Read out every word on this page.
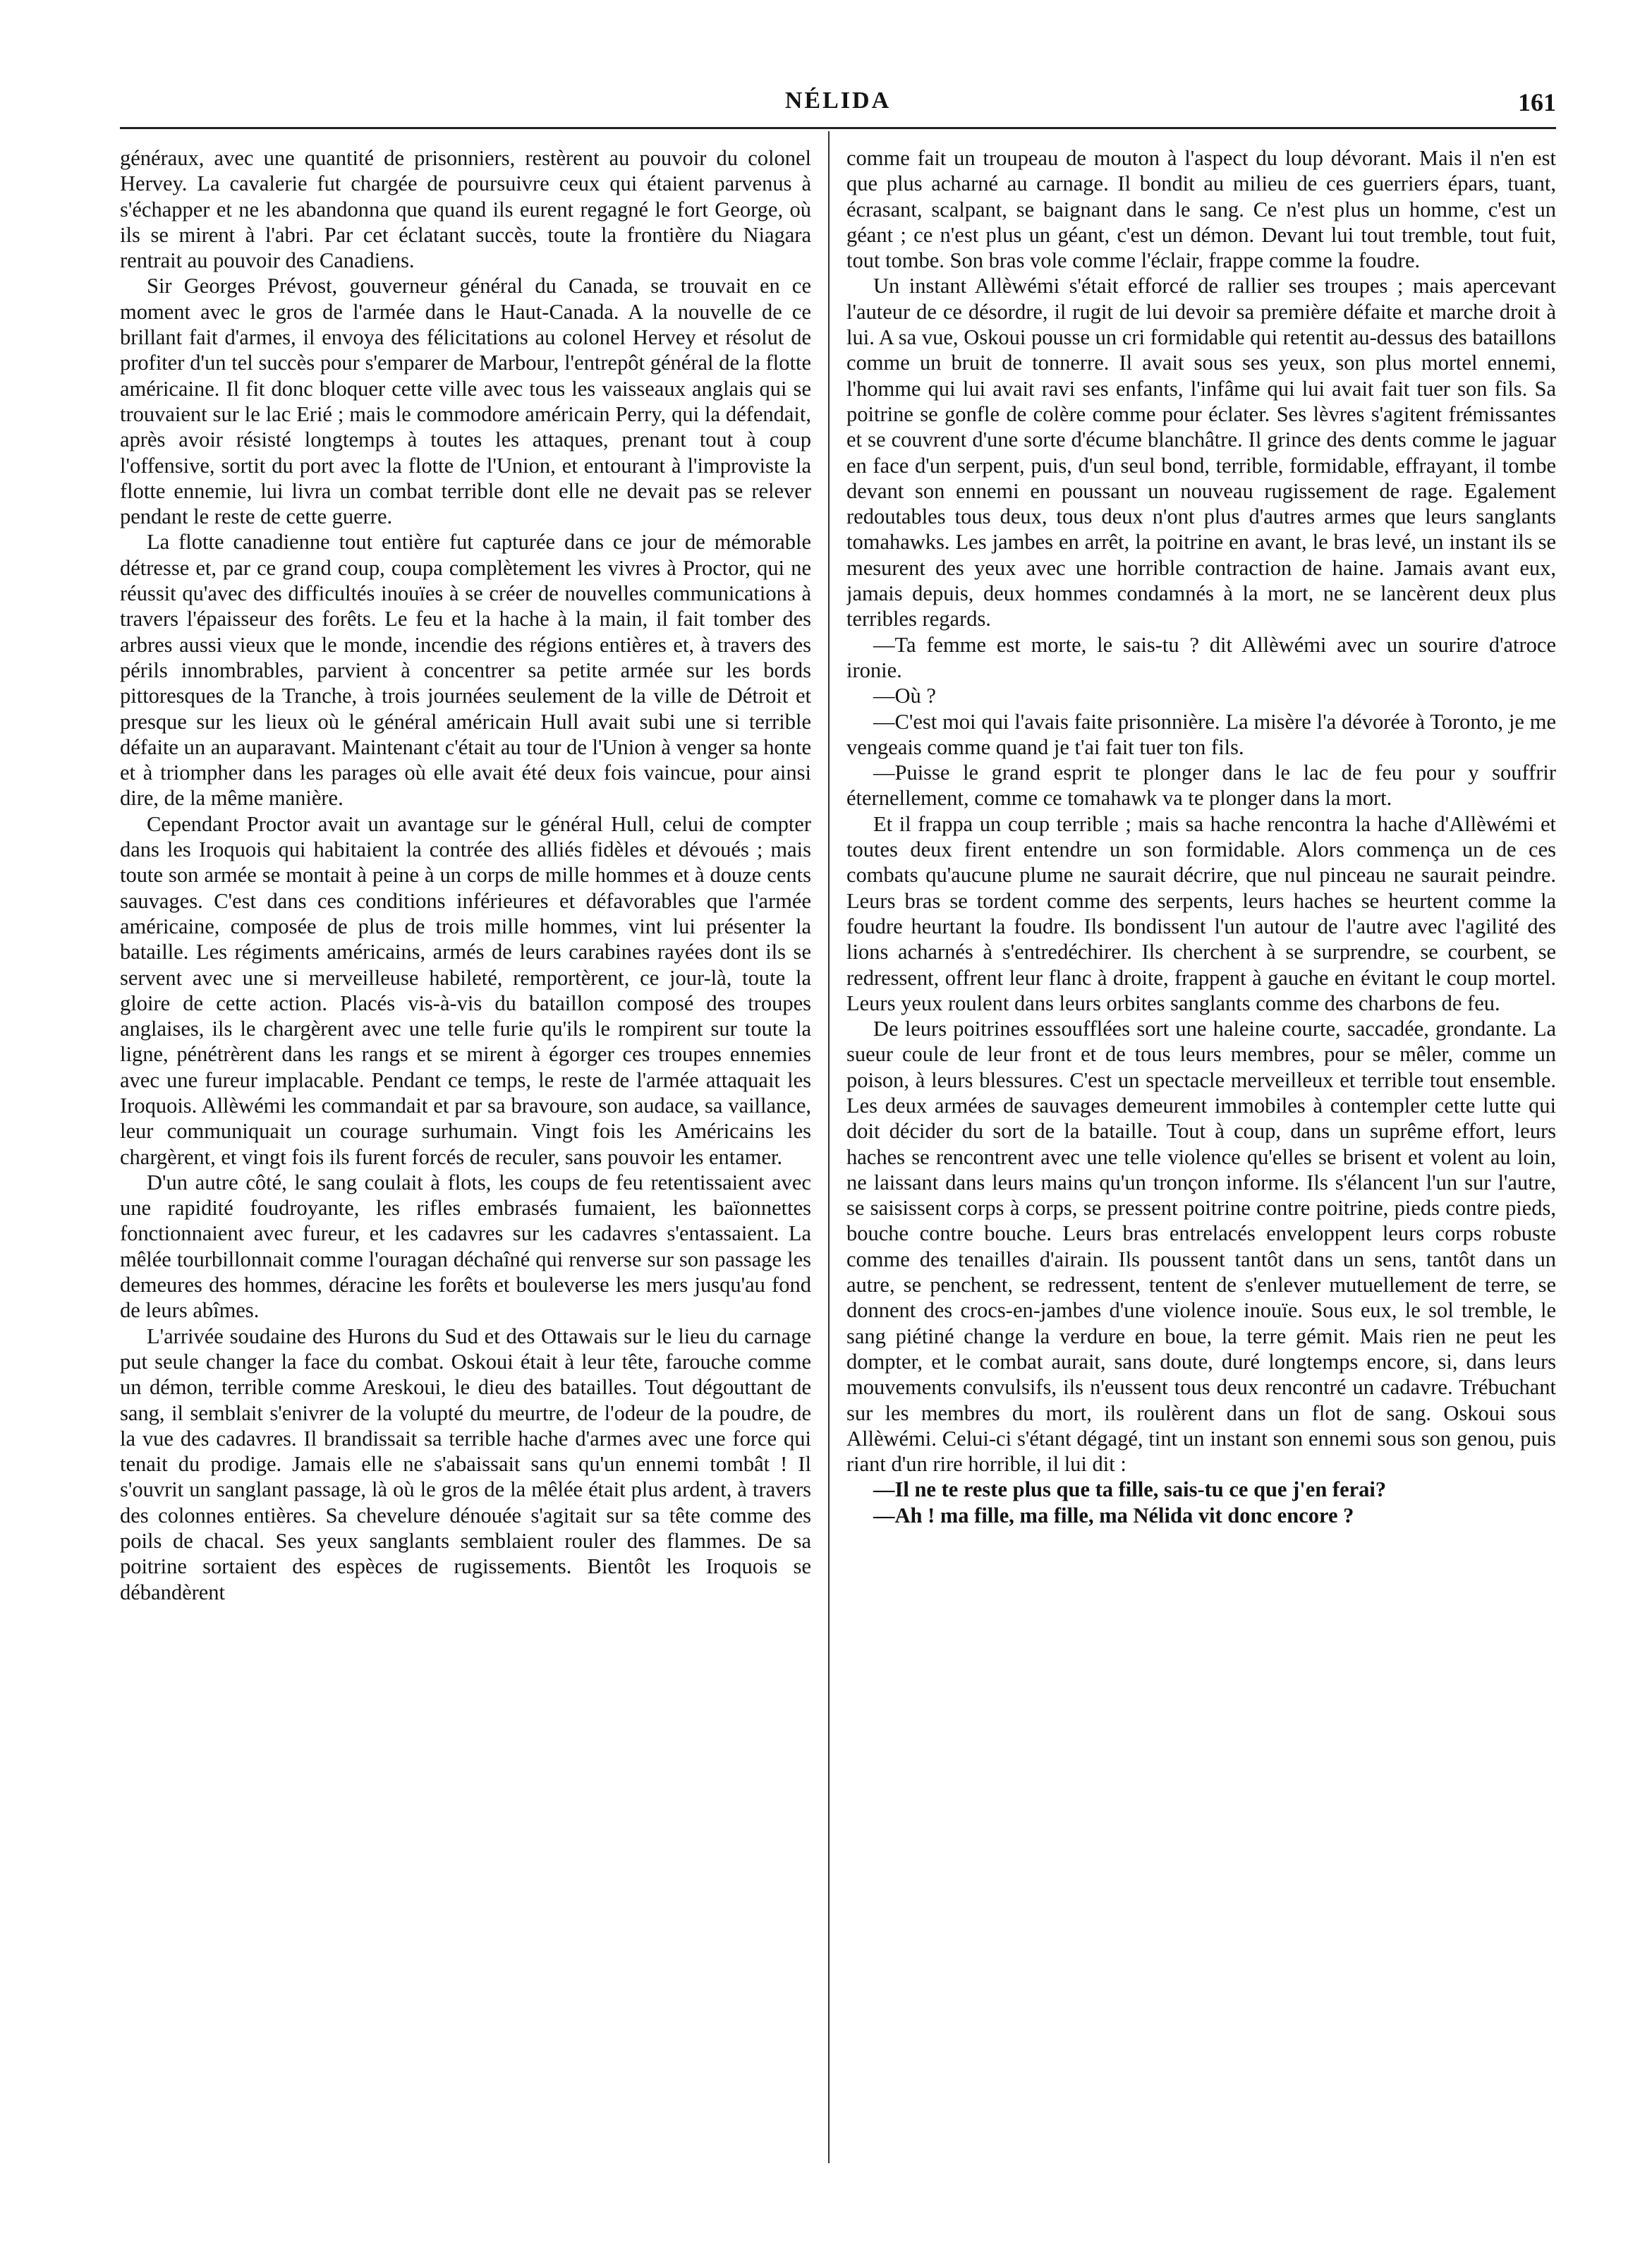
NÉLIDA	161

généraux, avec une quantité de prisonniers, restèrent au pouvoir du colonel Hervey. La cavalerie fut chargée de poursuivre ceux qui étaient parvenus à s'échapper et ne les abandonna que quand ils eurent regagné le fort George, où ils se mirent à l'abri. Par cet éclatant succès, toute la frontière du Niagara rentrait au pouvoir des Canadiens.

Sir Georges Prévost, gouverneur général du Canada, se trouvait en ce moment avec le gros de l'armée dans le Haut-Canada. A la nouvelle de ce brillant fait d'armes, il envoya des félicitations au colonel Hervey et résolut de profiter d'un tel succès pour s'emparer de Marbour, l'entrepôt général de la flotte américaine. Il fit donc bloquer cette ville avec tous les vaisseaux anglais qui se trouvaient sur le lac Erié ; mais le commodore américain Perry, qui la défendait, après avoir résisté longtemps à toutes les attaques, prenant tout à coup l'offensive, sortit du port avec la flotte de l'Union, et entourant à l'improviste la flotte ennemie, lui livra un combat terrible dont elle ne devait pas se relever pendant le reste de cette guerre.

La flotte canadienne tout entière fut capturée dans ce jour de mémorable détresse et, par ce grand coup, coupa complètement les vivres à Proctor, qui ne réussit qu'avec des difficultés inouïes à se créer de nouvelles communications à travers l'épaisseur des forêts. Le feu et la hache à la main, il fait tomber des arbres aussi vieux que le monde, incendie des régions entières et, à travers des périls innombrables, parvient à concentrer sa petite armée sur les bords pittoresques de la Tranche, à trois journées seulement de la ville de Détroit et presque sur les lieux où le général américain Hull avait subi une si terrible défaite un an auparavant. Maintenant c'était au tour de l'Union à venger sa honte et à triompher dans les parages où elle avait été deux fois vaincue, pour ainsi dire, de la même manière.

Cependant Proctor avait un avantage sur le général Hull, celui de compter dans les Iroquois qui habitaient la contrée des alliés fidèles et dévoués ; mais toute son armée se montait à peine à un corps de mille hommes et à douze cents sauvages. C'est dans ces conditions inférieures et défavorables que l'armée américaine, composée de plus de trois mille hommes, vint lui présenter la bataille. Les régiments américains, armés de leurs carabines rayées dont ils se servent avec une si merveilleuse habileté, remportèrent, ce jour-là, toute la gloire de cette action. Placés vis-à-vis du bataillon composé des troupes anglaises, ils le chargèrent avec une telle furie qu'ils le rompirent sur toute la ligne, pénétrèrent dans les rangs et se mirent à égorger ces troupes ennemies avec une fureur implacable. Pendant ce temps, le reste de l'armée attaquait les Iroquois. Allèwémi les commandait et par sa bravoure, son audace, sa vaillance, leur communiquait un courage surhumain. Vingt fois les Américains les chargèrent, et vingt fois ils furent forcés de reculer, sans pouvoir les entamer.

D'un autre côté, le sang coulait à flots, les coups de feu retentissaient avec une rapidité foudroyante, les rifles embrasés fumaient, les baïonnettes fonctionnaient avec fureur, et les cadavres sur les cadavres s'entassaient. La mêlée tourbillonnait comme l'ouragan déchaîné qui renverse sur son passage les demeures des hommes, déracine les forêts et bouleverse les mers jusqu'au fond de leurs abîmes.

L'arrivée soudaine des Hurons du Sud et des Ottawais sur le lieu du carnage put seule changer la face du combat. Oskoui était à leur tête, farouche comme un démon, terrible comme Areskoui, le dieu des batailles. Tout dégouttant de sang, il semblait s'enivrer de la volupté du meurtre, de l'odeur de la poudre, de la vue des cadavres. Il brandissait sa terrible hache d'armes avec une force qui tenait du prodige. Jamais elle ne s'abaissait sans qu'un ennemi tombât ! Il s'ouvrit un sanglant passage, là où le gros de la mêlée était plus ardent, à travers des colonnes entières. Sa chevelure dénouée s'agitait sur sa tête comme des poils de chacal. Ses yeux sanglants semblaient rouler des flammes. De sa poitrine sortaient des espèces de rugissements. Bientôt les Iroquois se débandèrent

comme fait un troupeau de mouton à l'aspect du loup dévorant. Mais il n'en est que plus acharné au carnage. Il bondit au milieu de ces guerriers épars, tuant, écrasant, scalpant, se baignant dans le sang. Ce n'est plus un homme, c'est un géant ; ce n'est plus un géant, c'est un démon. Devant lui tout tremble, tout fuit, tout tombe. Son bras vole comme l'éclair, frappe comme la foudre.

Un instant Allèwémi s'était efforcé de rallier ses troupes ; mais apercevant l'auteur de ce désordre, il rugit de lui devoir sa première défaite et marche droit à lui. A sa vue, Oskoui pousse un cri formidable qui retentit au-dessus des bataillons comme un bruit de tonnerre. Il avait sous ses yeux, son plus mortel ennemi, l'homme qui lui avait ravi ses enfants, l'infâme qui lui avait fait tuer son fils. Sa poitrine se gonfle de colère comme pour éclater. Ses lèvres s'agitent frémissantes et se couvrent d'une sorte d'écume blanchâtre. Il grince des dents comme le jaguar en face d'un serpent, puis, d'un seul bond, terrible, formidable, effrayant, il tombe devant son ennemi en poussant un nouveau rugissement de rage. Egalement redoutables tous deux, tous deux n'ont plus d'autres armes que leurs sanglants tomahawks. Les jambes en arrêt, la poitrine en avant, le bras levé, un instant ils se mesurent des yeux avec une horrible contraction de haine. Jamais avant eux, jamais depuis, deux hommes condamnés à la mort, ne se lancèrent deux plus terribles regards.

—Ta femme est morte, le sais-tu ? dit Allèwémi avec un sourire d'atroce ironie.

—Où ?

—C'est moi qui l'avais faite prisonnière. La misère l'a dévorée à Toronto, je me vengeais comme quand je t'ai fait tuer ton fils.

—Puisse le grand esprit te plonger dans le lac de feu pour y souffrir éternellement, comme ce tomahawk va te plonger dans la mort.

Et il frappa un coup terrible ; mais sa hache rencontra la hache d'Allèwémi et toutes deux firent entendre un son formidable. Alors commença un de ces combats qu'aucune plume ne saurait décrire, que nul pinceau ne saurait peindre. Leurs bras se tordent comme des serpents, leurs haches se heurtent comme la foudre heurtant la foudre. Ils bondissent l'un autour de l'autre avec l'agilité des lions acharnés à s'entredéchirer. Ils cherchent à se surprendre, se courbent, se redressent, offrent leur flanc à droite, frappent à gauche en évitant le coup mortel. Leurs yeux roulent dans leurs orbites sanglants comme des charbons de feu.

De leurs poitrines essoufflées sort une haleine courte, saccadée, grondante. La sueur coule de leur front et de tous leurs membres, pour se mêler, comme un poison, à leurs blessures. C'est un spectacle merveilleux et terrible tout ensemble. Les deux armées de sauvages demeurent immobiles à contempler cette lutte qui doit décider du sort de la bataille. Tout à coup, dans un suprême effort, leurs haches se rencontrent avec une telle violence qu'elles se brisent et volent au loin, ne laissant dans leurs mains qu'un tronçon informe. Ils s'élancent l'un sur l'autre, se saisissent corps à corps, se pressent poitrine contre poitrine, pieds contre pieds, bouche contre bouche. Leurs bras entrelacés enveloppent leurs corps robuste comme des tenailles d'airain. Ils poussent tantôt dans un sens, tantôt dans un autre, se penchent, se redressent, tentent de s'enlever mutuellement de terre, se donnent des crocs-en-jambes d'une violence inouïe. Sous eux, le sol tremble, le sang piétiné change la verdure en boue, la terre gémit. Mais rien ne peut les dompter, et le combat aurait, sans doute, duré longtemps encore, si, dans leurs mouvements convulsifs, ils n'eussent tous deux rencontré un cadavre. Trébuchant sur les membres du mort, ils roulèrent dans un flot de sang. Oskoui sous Allèwémi. Celui-ci s'étant dégagé, tint un instant son ennemi sous son genou, puis riant d'un rire horrible, il lui dit :

—Il ne te reste plus que ta fille, sais-tu ce que j'en ferai?

—Ah ! ma fille, ma fille, ma Nélida vit donc encore ?
